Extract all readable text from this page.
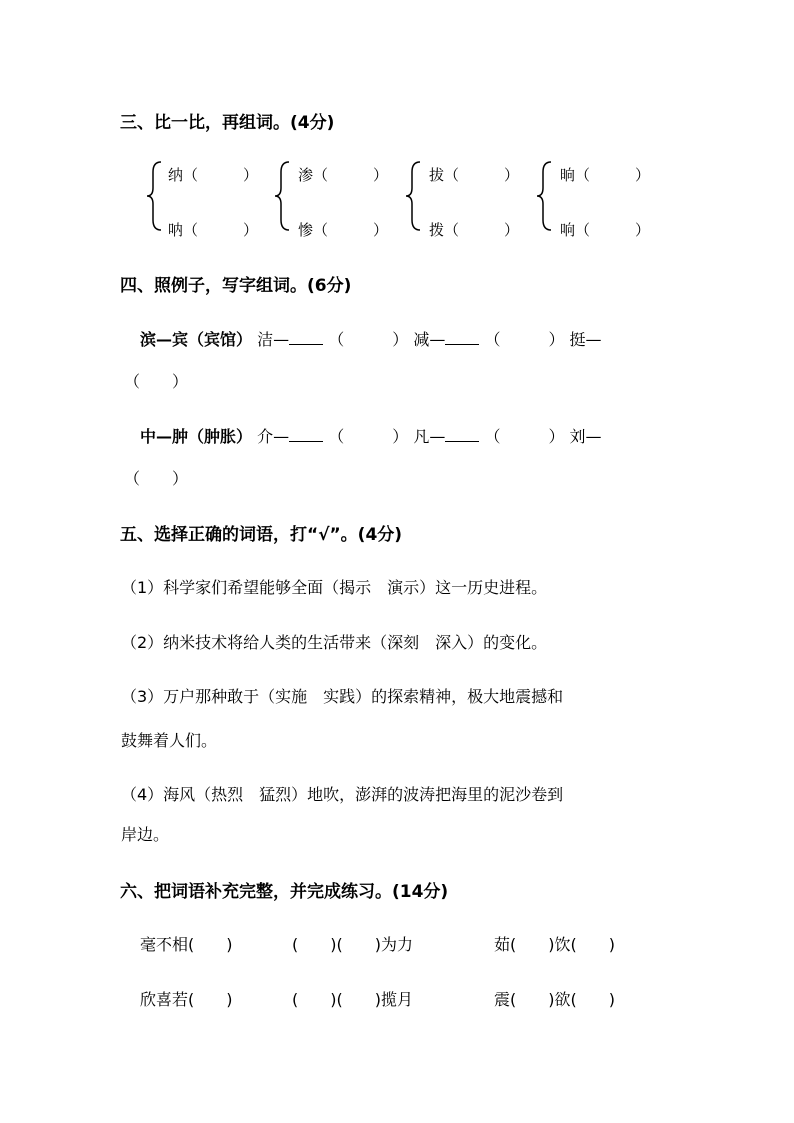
三、比一比，再组词。(4分)
纳（　　　）
呐（　　　）
渗（　　　）
惨（　　　）
拔（　　　）
拨（　　　）
晌（　　　）
响（　　　）
四、照例子，写字组词。(6分)
滨—宾（宾馆） 洁— （　　　） 减— （　　　） 挺—
（　　）
中—肿（肿胀） 介— （　　　） 凡— （　　　） 刘—
（　　）
五、选择正确的词语，打“√”。(4分)
（1）科学家们希望能够全面（揭示　演示）这一历史进程。
（2）纳米技术将给人类的生活带来（深刻　深入）的变化。
（3）万户那种敢于（实施　实践）的探索精神，极大地震撼和
鼓舞着人们。
（4）海风（热烈　猛烈）地吹，澎湃的波涛把海里的泥沙卷到
岸边。
六、把词语补充完整，并完成练习。(14分)
毫不相(　　)	(　　)(　　)为力	茹(　　)饮(　　)
欣喜若(　　)	(　　)(　　)揽月	震(　　)欲(　　)
